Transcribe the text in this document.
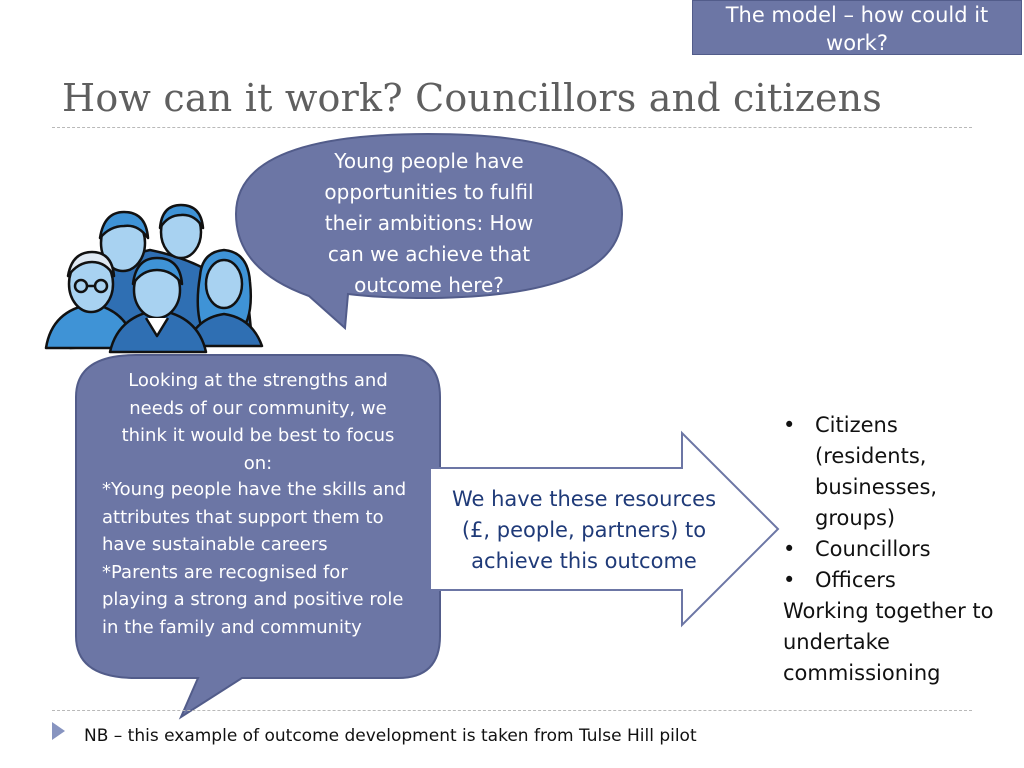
The model – how could it
work?
How can it work? Councillors and citizens
Young people have
opportunities to fulfil
their ambitions: How
can we achieve that
outcome here?
Looking at the strengths and
needs of our community, we
think it would be best to focus
on:
*Young people have the skills and
attributes that support them to
have sustainable careers
*Parents are recognised for
playing a strong and positive role
in the family and community
We have these resources
(£, people, partners) to
achieve this outcome
• Citizens
(residents,
businesses,
groups)
• Councillors
• Officers
Working together to
undertake
commissioning
NB – this example of outcome development is taken from Tulse Hill pilot
